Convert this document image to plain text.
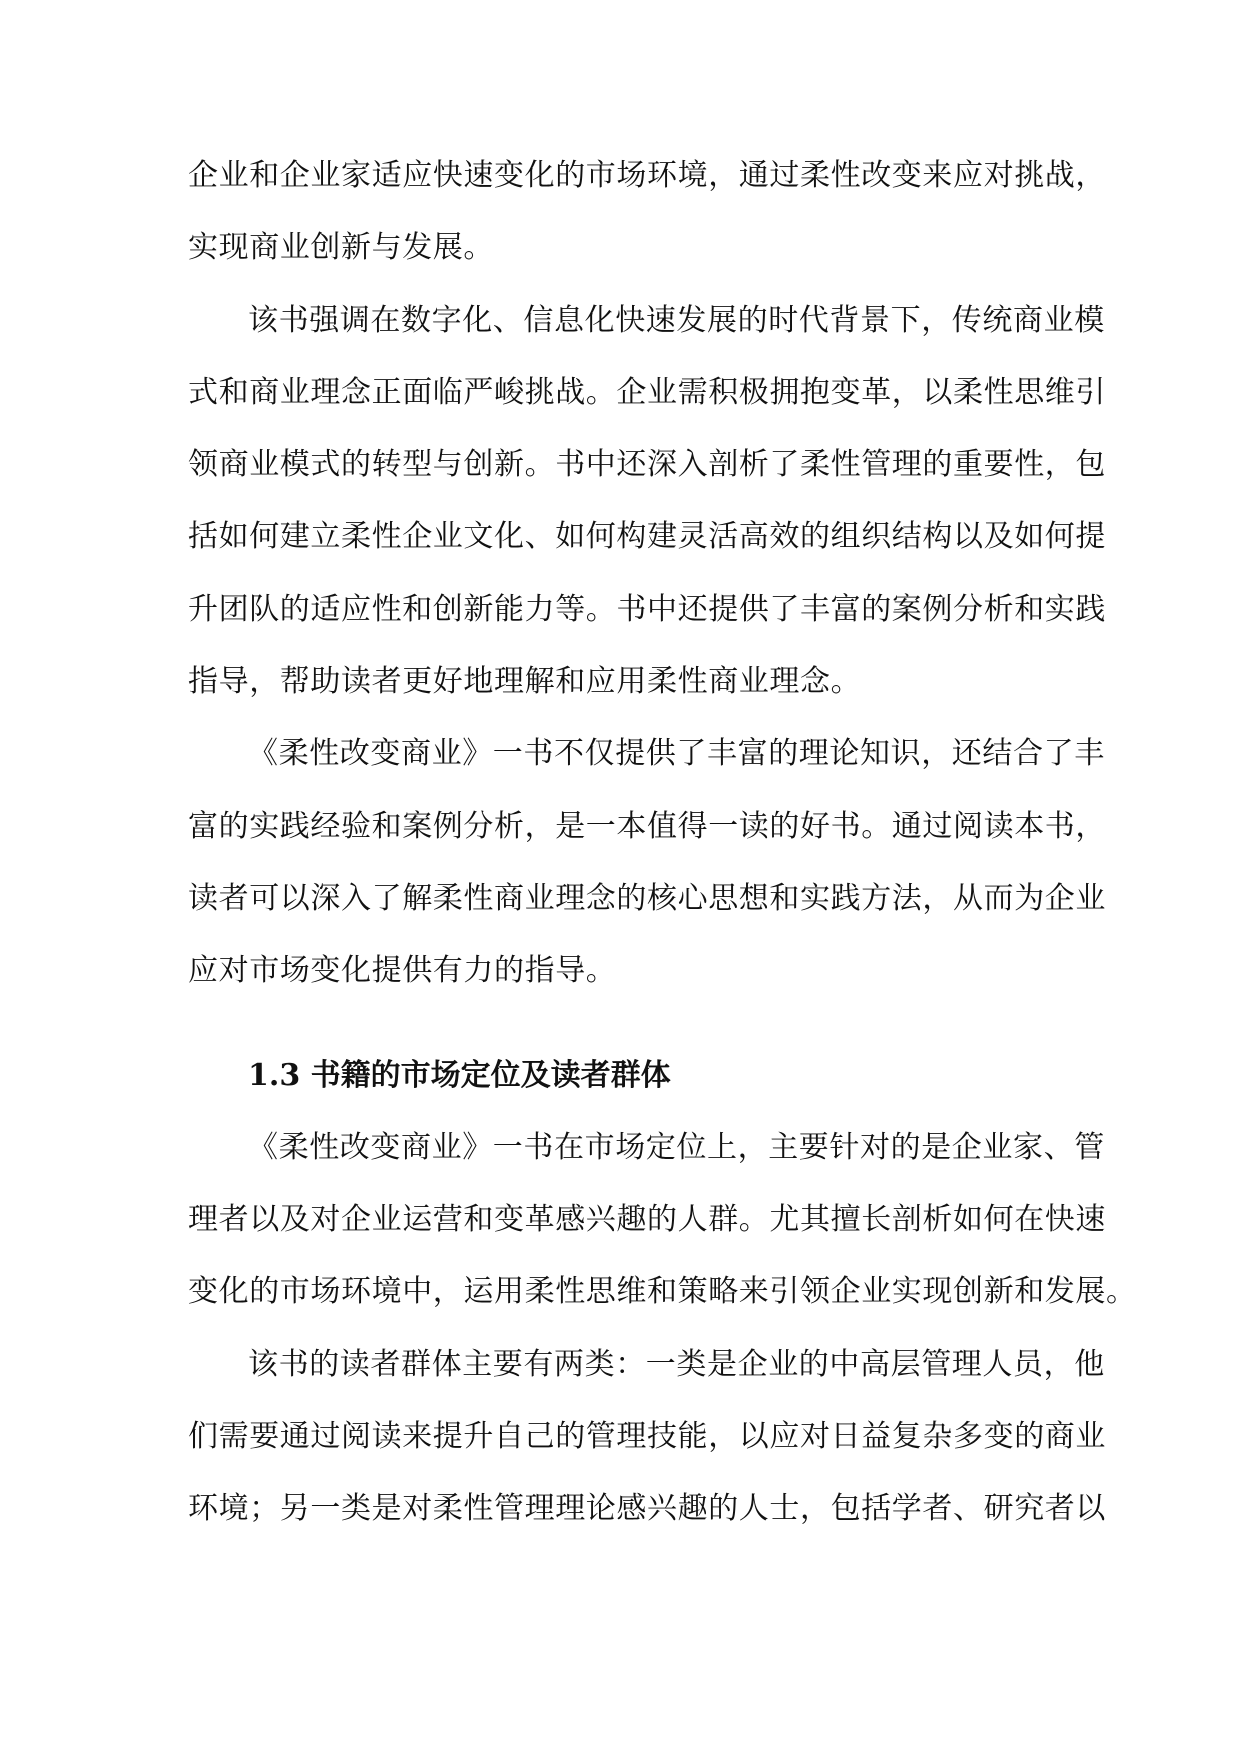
企业和企业家适应快速变化的市场环境，通过柔性改变来应对挑战，
实现商业创新与发展。
该书强调在数字化、信息化快速发展的时代背景下，传统商业模
式和商业理念正面临严峻挑战。企业需积极拥抱变革，以柔性思维引
领商业模式的转型与创新。书中还深入剖析了柔性管理的重要性，包
括如何建立柔性企业文化、如何构建灵活高效的组织结构以及如何提
升团队的适应性和创新能力等。书中还提供了丰富的案例分析和实践
指导，帮助读者更好地理解和应用柔性商业理念。
《柔性改变商业》一书不仅提供了丰富的理论知识，还结合了丰
富的实践经验和案例分析，是一本值得一读的好书。通过阅读本书，
读者可以深入了解柔性商业理念的核心思想和实践方法，从而为企业
应对市场变化提供有力的指导。
1.3 书籍的市场定位及读者群体
《柔性改变商业》一书在市场定位上，主要针对的是企业家、管
理者以及对企业运营和变革感兴趣的人群。尤其擅长剖析如何在快速
变化的市场环境中，运用柔性思维和策略来引领企业实现创新和发展。
该书的读者群体主要有两类：一类是企业的中高层管理人员，他
们需要通过阅读来提升自己的管理技能，以应对日益复杂多变的商业
环境；另一类是对柔性管理理论感兴趣的人士，包括学者、研究者以
